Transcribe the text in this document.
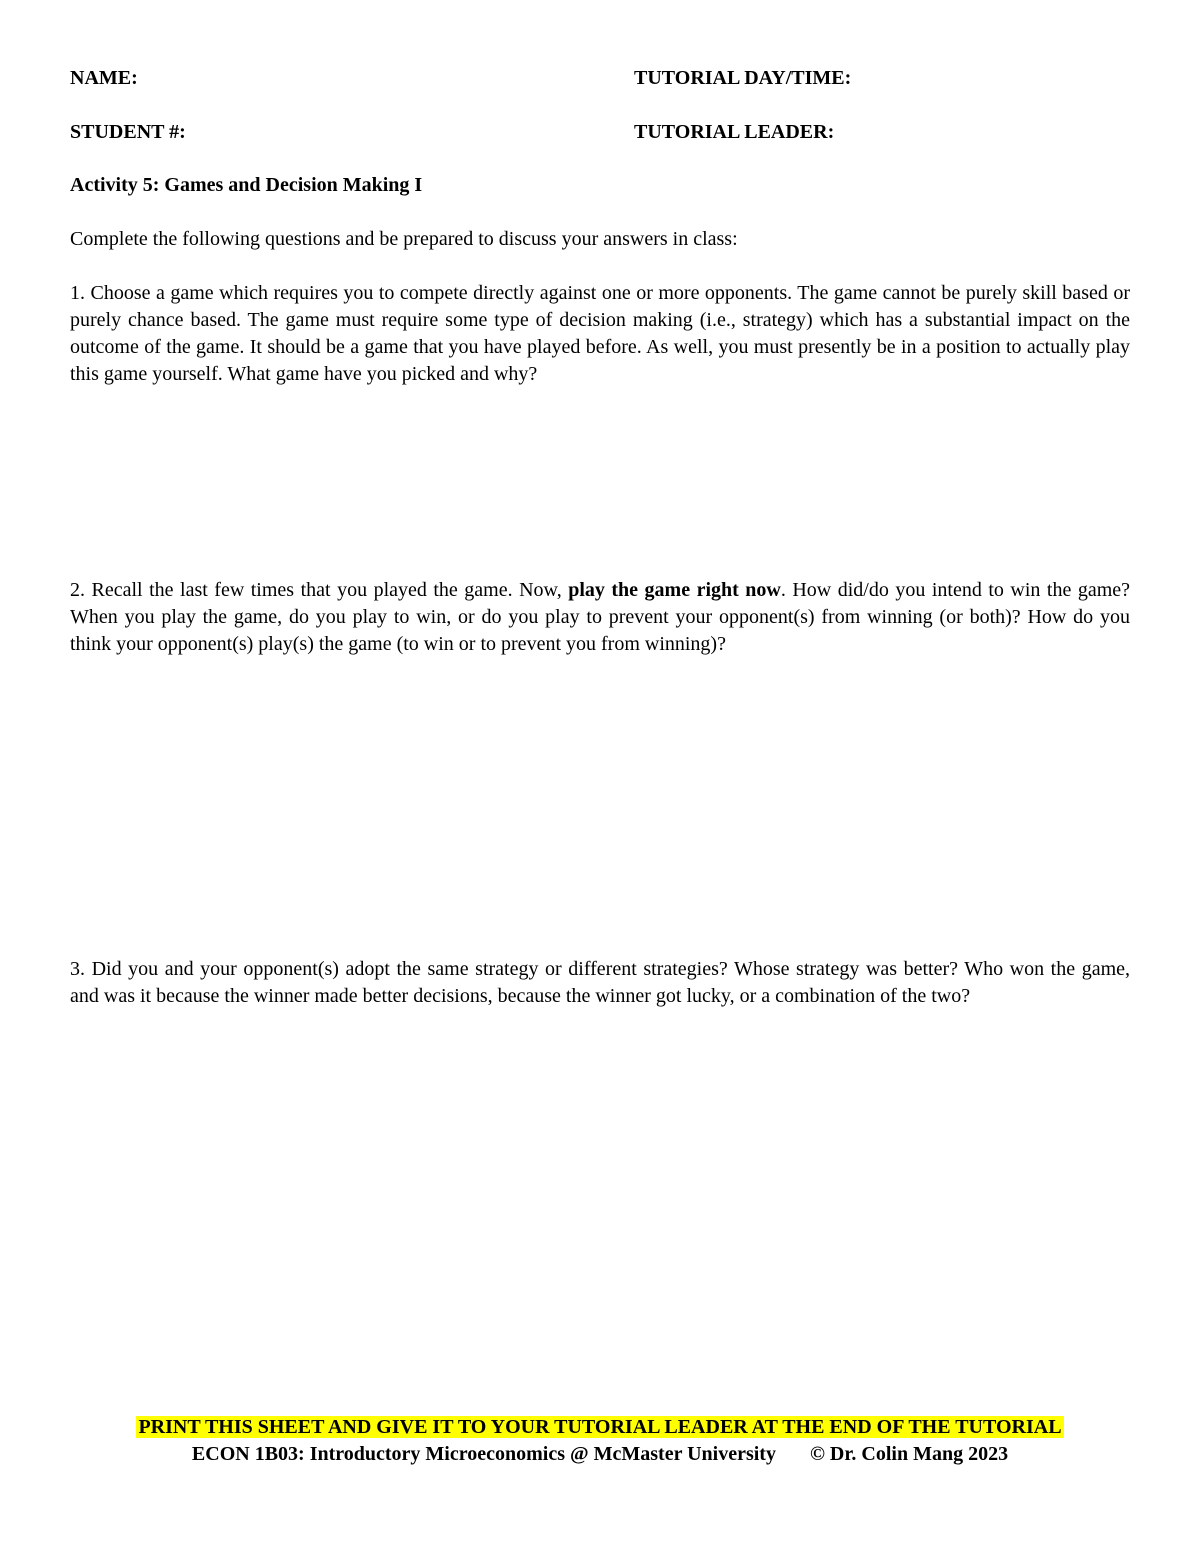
NAME:	TUTORIAL DAY/TIME:
STUDENT #:	TUTORIAL LEADER:
Activity 5: Games and Decision Making I
Complete the following questions and be prepared to discuss your answers in class:
1. Choose a game which requires you to compete directly against one or more opponents. The game cannot be purely skill based or purely chance based. The game must require some type of decision making (i.e., strategy) which has a substantial impact on the outcome of the game. It should be a game that you have played before. As well, you must presently be in a position to actually play this game yourself. What game have you picked and why?
2. Recall the last few times that you played the game. Now, play the game right now. How did/do you intend to win the game? When you play the game, do you play to win, or do you play to prevent your opponent(s) from winning (or both)? How do you think your opponent(s) play(s) the game (to win or to prevent you from winning)?
3. Did you and your opponent(s) adopt the same strategy or different strategies? Whose strategy was better? Who won the game, and was it because the winner made better decisions, because the winner got lucky, or a combination of the two?
PRINT THIS SHEET AND GIVE IT TO YOUR TUTORIAL LEADER AT THE END OF THE TUTORIAL
ECON 1B03: Introductory Microeconomics @ McMaster University © Dr. Colin Mang 2023
